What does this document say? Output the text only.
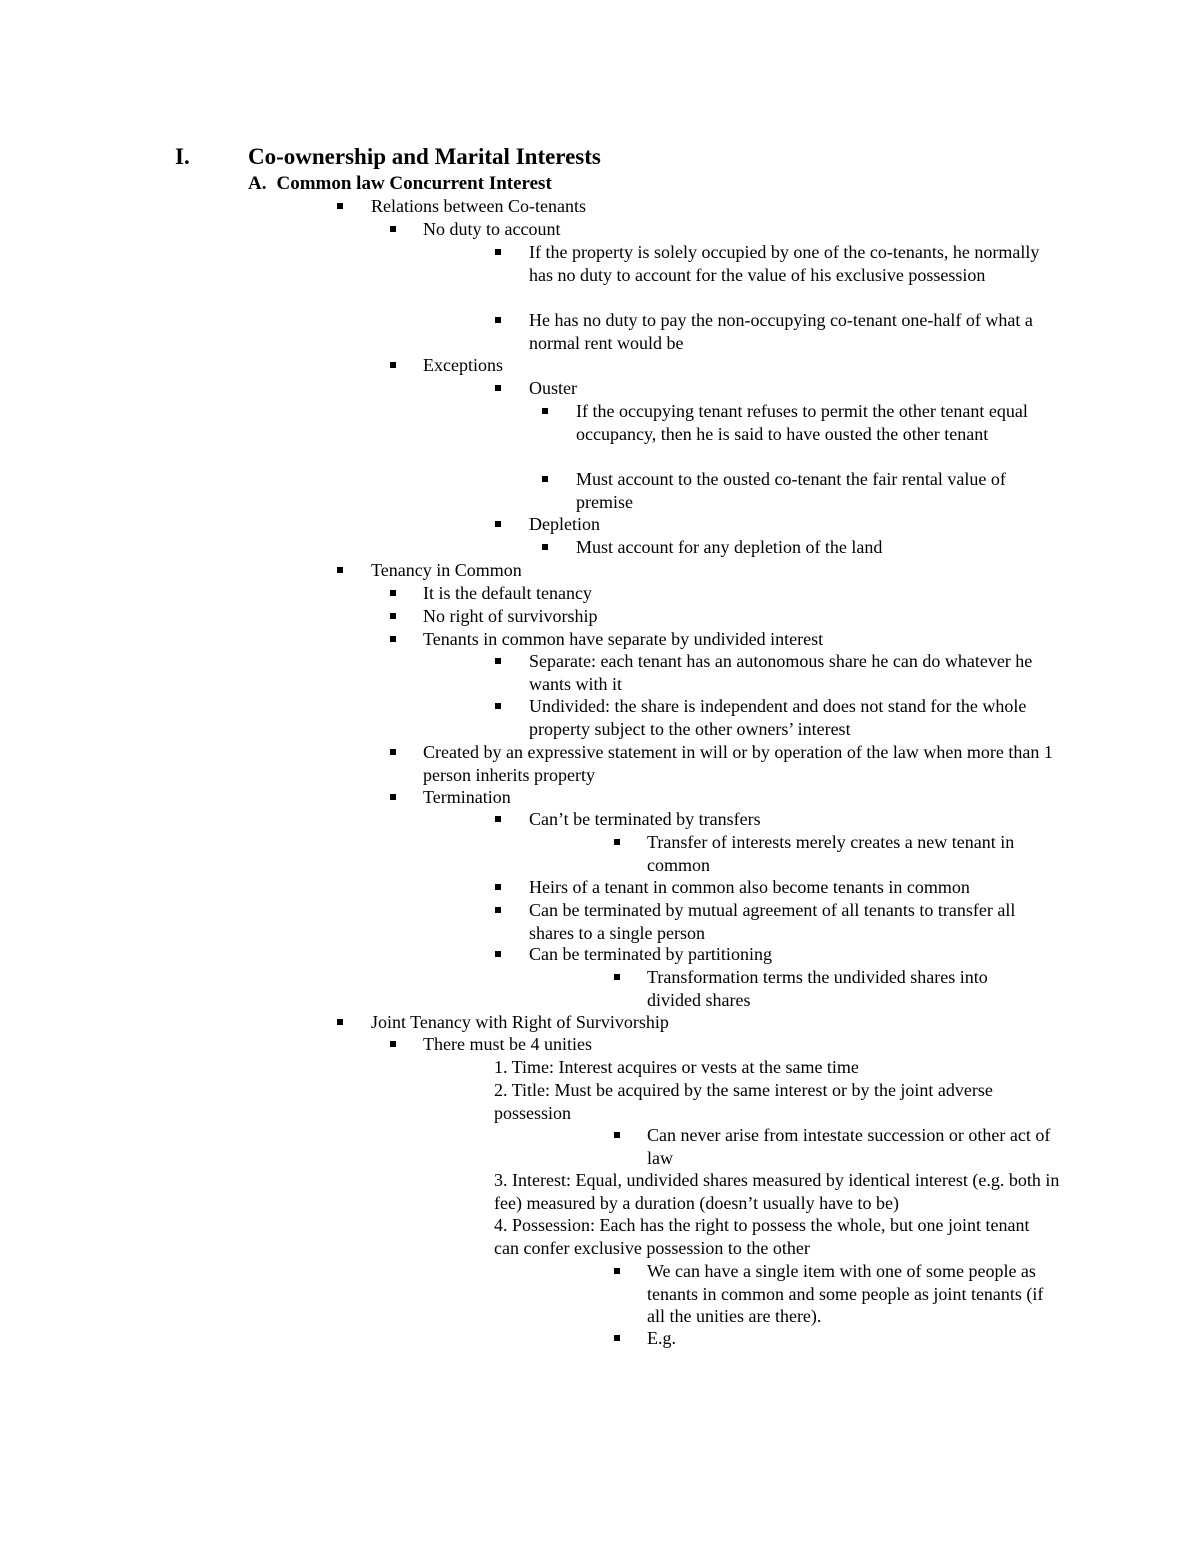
I.	Co-ownership and Marital Interests
A. Common law Concurrent Interest
Relations between Co-tenants
No duty to account
If the property is solely occupied by one of the co-tenants, he normally has no duty to account for the value of his exclusive possession
He has no duty to pay the non-occupying co-tenant one-half of what a normal rent would be
Exceptions
Ouster
If the occupying tenant refuses to permit the other tenant equal occupancy, then he is said to have ousted the other tenant
Must account to the ousted co-tenant the fair rental value of premise
Depletion
Must account for any depletion of the land
Tenancy in Common
It is the default tenancy
No right of survivorship
Tenants in common have separate by undivided interest
Separate: each tenant has an autonomous share he can do whatever he wants with it
Undivided: the share is independent and does not stand for the whole property subject to the other owners’ interest
Created by an expressive statement in will or by operation of the law when more than 1 person inherits property
Termination
Can’t be terminated by transfers
Transfer of interests merely creates a new tenant in common
Heirs of a tenant in common also become tenants in common
Can be terminated by mutual agreement of all tenants to transfer all shares to a single person
Can be terminated by partitioning
Transformation terms the undivided shares into divided shares
Joint Tenancy with Right of Survivorship
There must be 4 unities
1. Time: Interest acquires or vests at the same time
2. Title: Must be acquired by the same interest or by the joint adverse possession
Can never arise from intestate succession or other act of law
3. Interest: Equal, undivided shares measured by identical interest (e.g. both in fee) measured by a duration (doesn’t usually have to be)
4. Possession: Each has the right to possess the whole, but one joint tenant can confer exclusive possession to the other
We can have a single item with one of some people as tenants in common and some people as joint tenants (if all the unities are there).
E.g.
